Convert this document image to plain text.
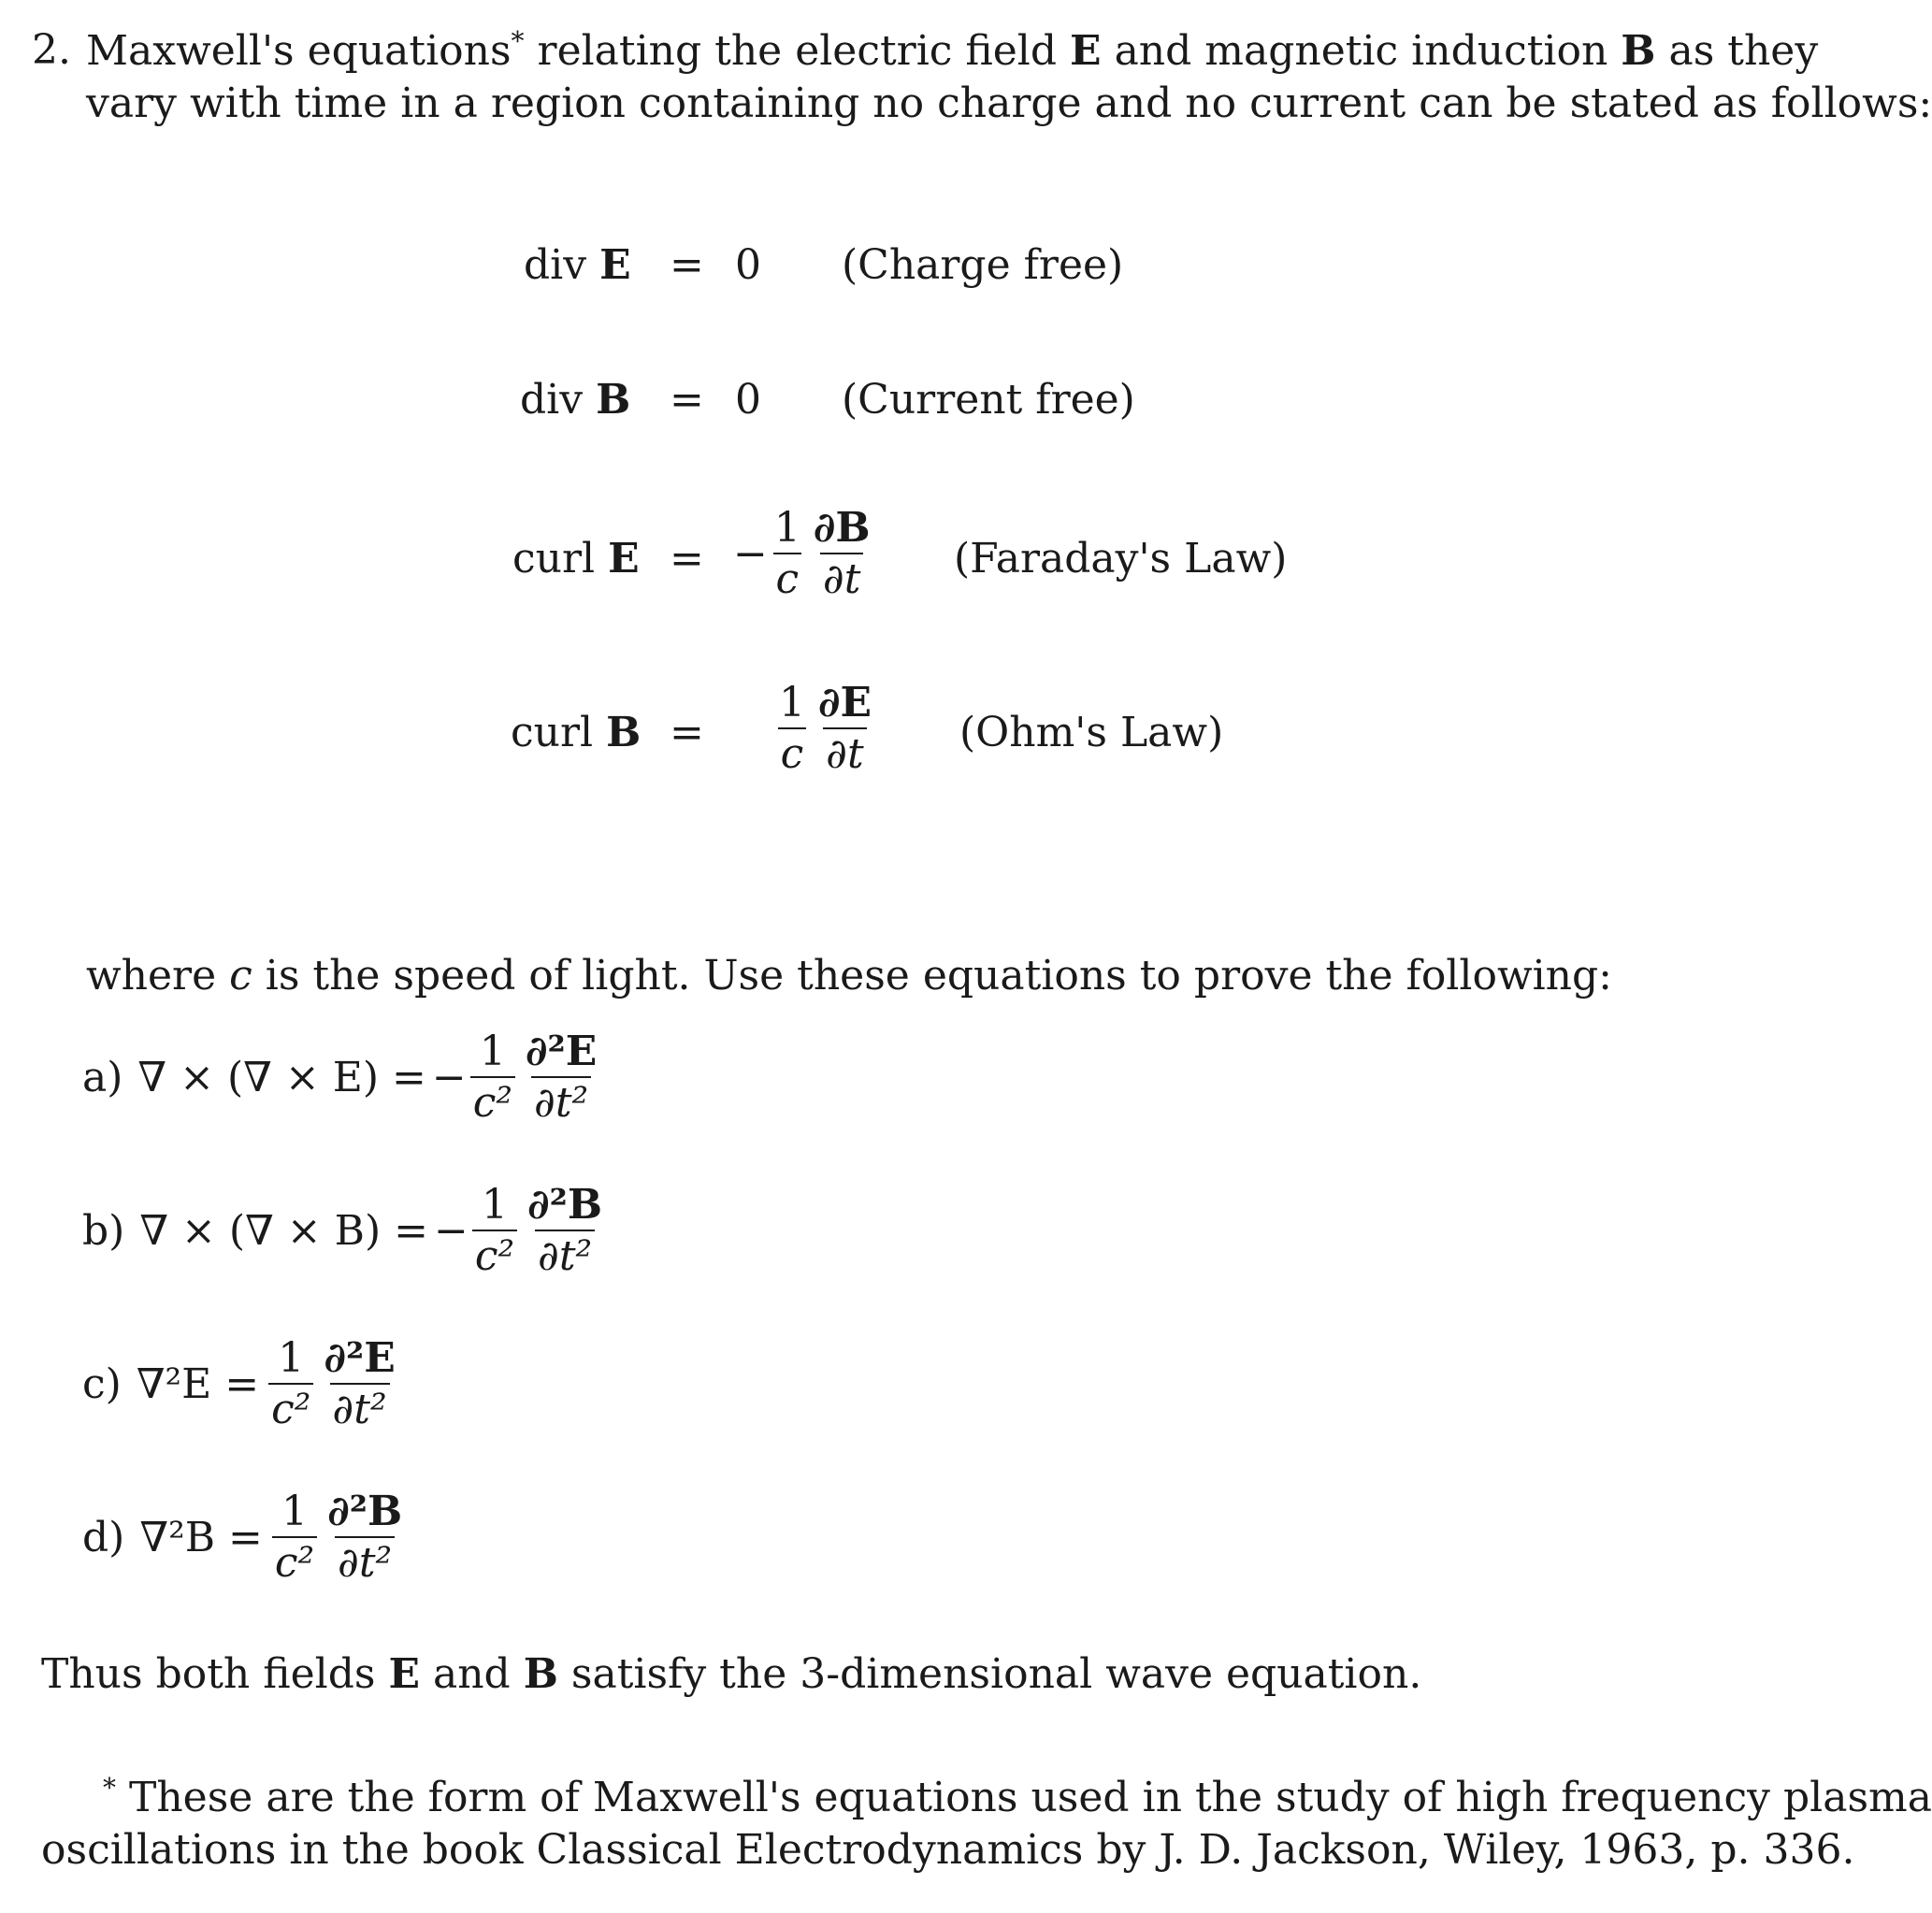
2. Maxwell's equations* relating the electric field E and magnetic induction B as they
vary with time in a region containing no charge and no current can be stated as follows:
div E = 0 (Charge free)
div B = 0 (Current free)
curl E = − $\frac{1}{c} \frac{\partial B}{\partial t}$ (Faraday's Law)
curl $B = \frac{1}{c} \frac{\partial E}{\partial t} (Ohm's$ Law)
where c is the speed of light. Use these equations to prove the following:
a) ∇ × (∇ × E) = − $\frac{1}{\text{c²}} \frac{\text{∂²E}}{\text{∂t²}}$
b) ∇ × (∇ × B) = − $\frac{1}{\text{c²}} \frac{\text{∂²B}}{\text{∂t²}}$
c) $\nabla^2E = \frac{1}{\text{c²}} \frac{\text{∂²E}}{\text{∂t²}}$
d) $\nabla^2B = \frac{1}{\text{c²}} \frac{\text{∂²B}}{\text{∂t²}}$
Thus both fields E and B satisfy the 3-dimensional wave equation.
* These are the form of Maxwell's equations used in the study of high frequency plasma
oscillations in the book Classical Electrodynamics by J. D. Jackson, Wiley, 1963, p. 336.
